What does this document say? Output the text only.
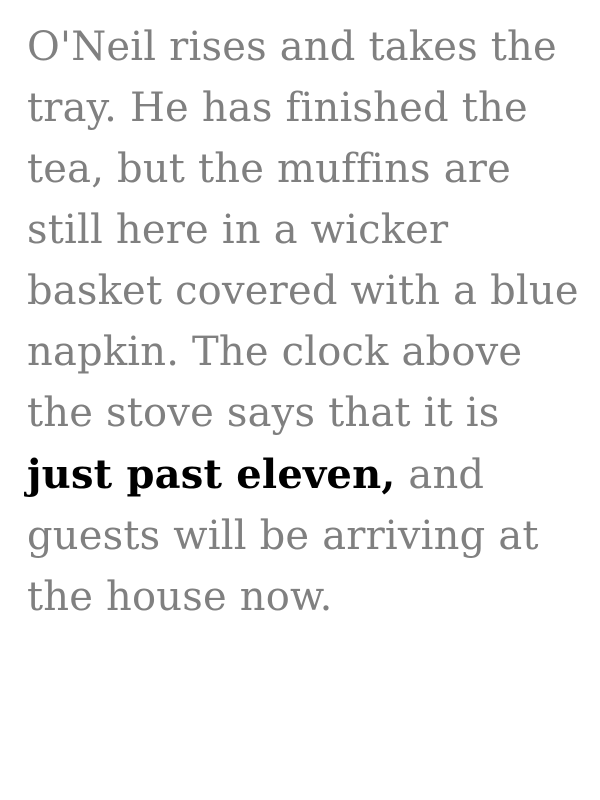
O'Neil rises and takes the tray. He has finished the tea, but the muffins are still here in a wicker basket covered with a blue napkin. The clock above the stove says that it is just past eleven, and guests will be arriving at the house now.
